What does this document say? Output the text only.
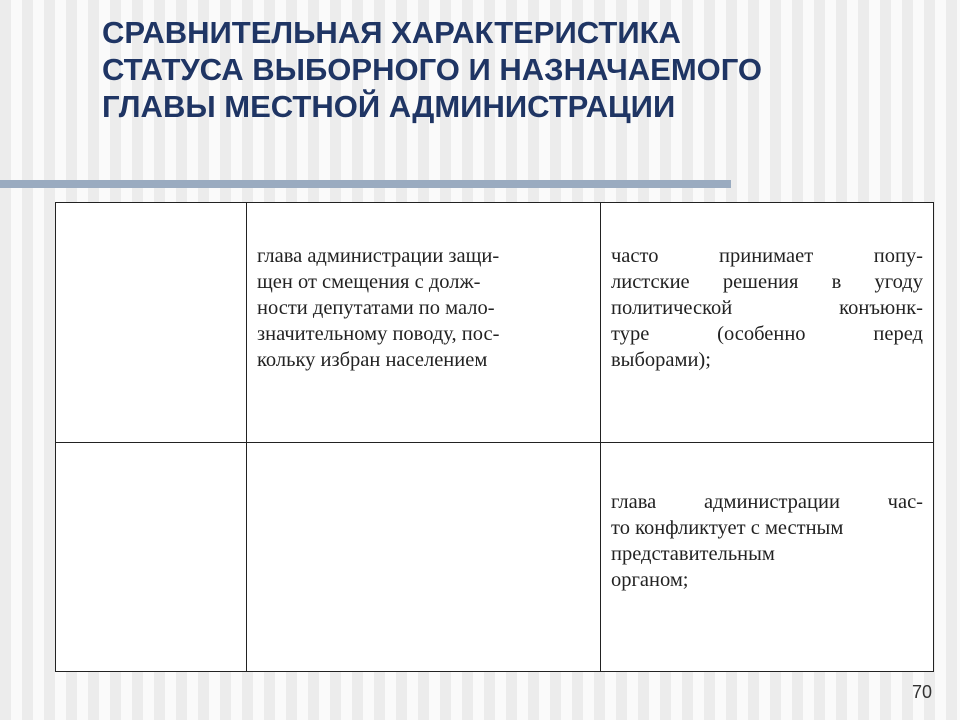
СРАВНИТЕЛЬНАЯ ХАРАКТЕРИСТИКА
СТАТУСА ВЫБОРНОГО И НАЗНАЧАЕМОГО
ГЛАВЫ МЕСТНОЙ АДМИНИСТРАЦИИ

глава администрации защи-
щен от смещения с долж-
ности депутатами по мало-
значительному поводу, пос-
кольку избран населением

часто принимает попу-
листские решения в угоду
политической конъюнк-
туре (особенно перед
выборами);

глава администрации час-
то конфликтует с местным
представительным
органом;

70
